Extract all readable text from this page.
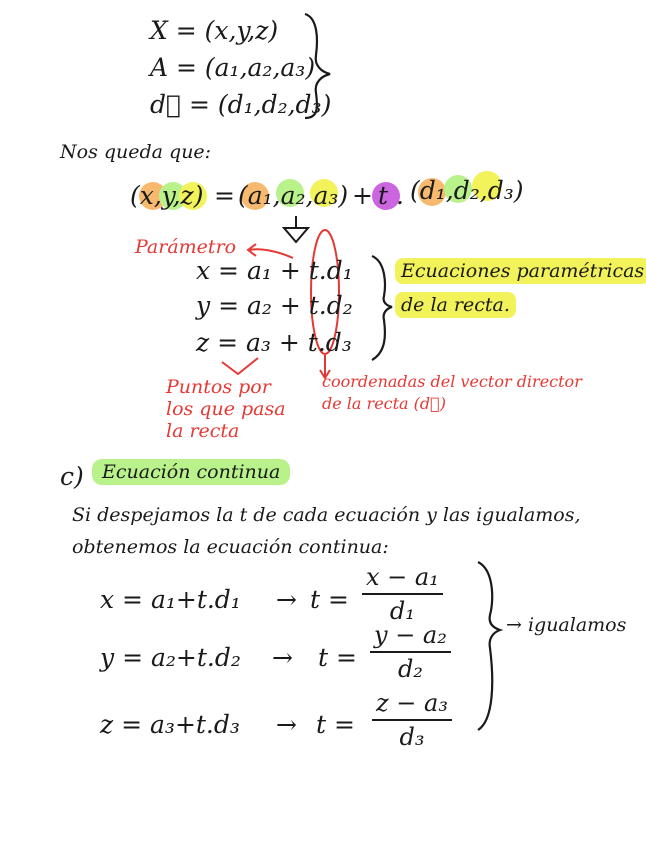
X = (x,y,z)
A = (a₁,a₂,a₃)
d⃗ = (d₁,d₂,d₃)
Nos queda que:
(x,y,z) = (a₁,a₂,a₃) + t . (d₁,d₂,d₃)
Parámetro
x = a₁ + t.d₁
y = a₂ + t.d₂
z = a₃ + t.d₃
Ecuaciones paramétricas
de la recta.
Puntos por
los que pasa
la recta
coordenadas del vector director
de la recta (d⃗)
c) Ecuación continua
Si despejamos la t de cada ecuación y las igualamos,
obtenemos la ecuación continua:
x = a₁+t.d₁ → t =
x − a₁
d₁
y = a₂+t.d₂ → t =
y − a₂
d₂
z = a₃+t.d₃ → t =
z − a₃
d₃
→ igualamos
